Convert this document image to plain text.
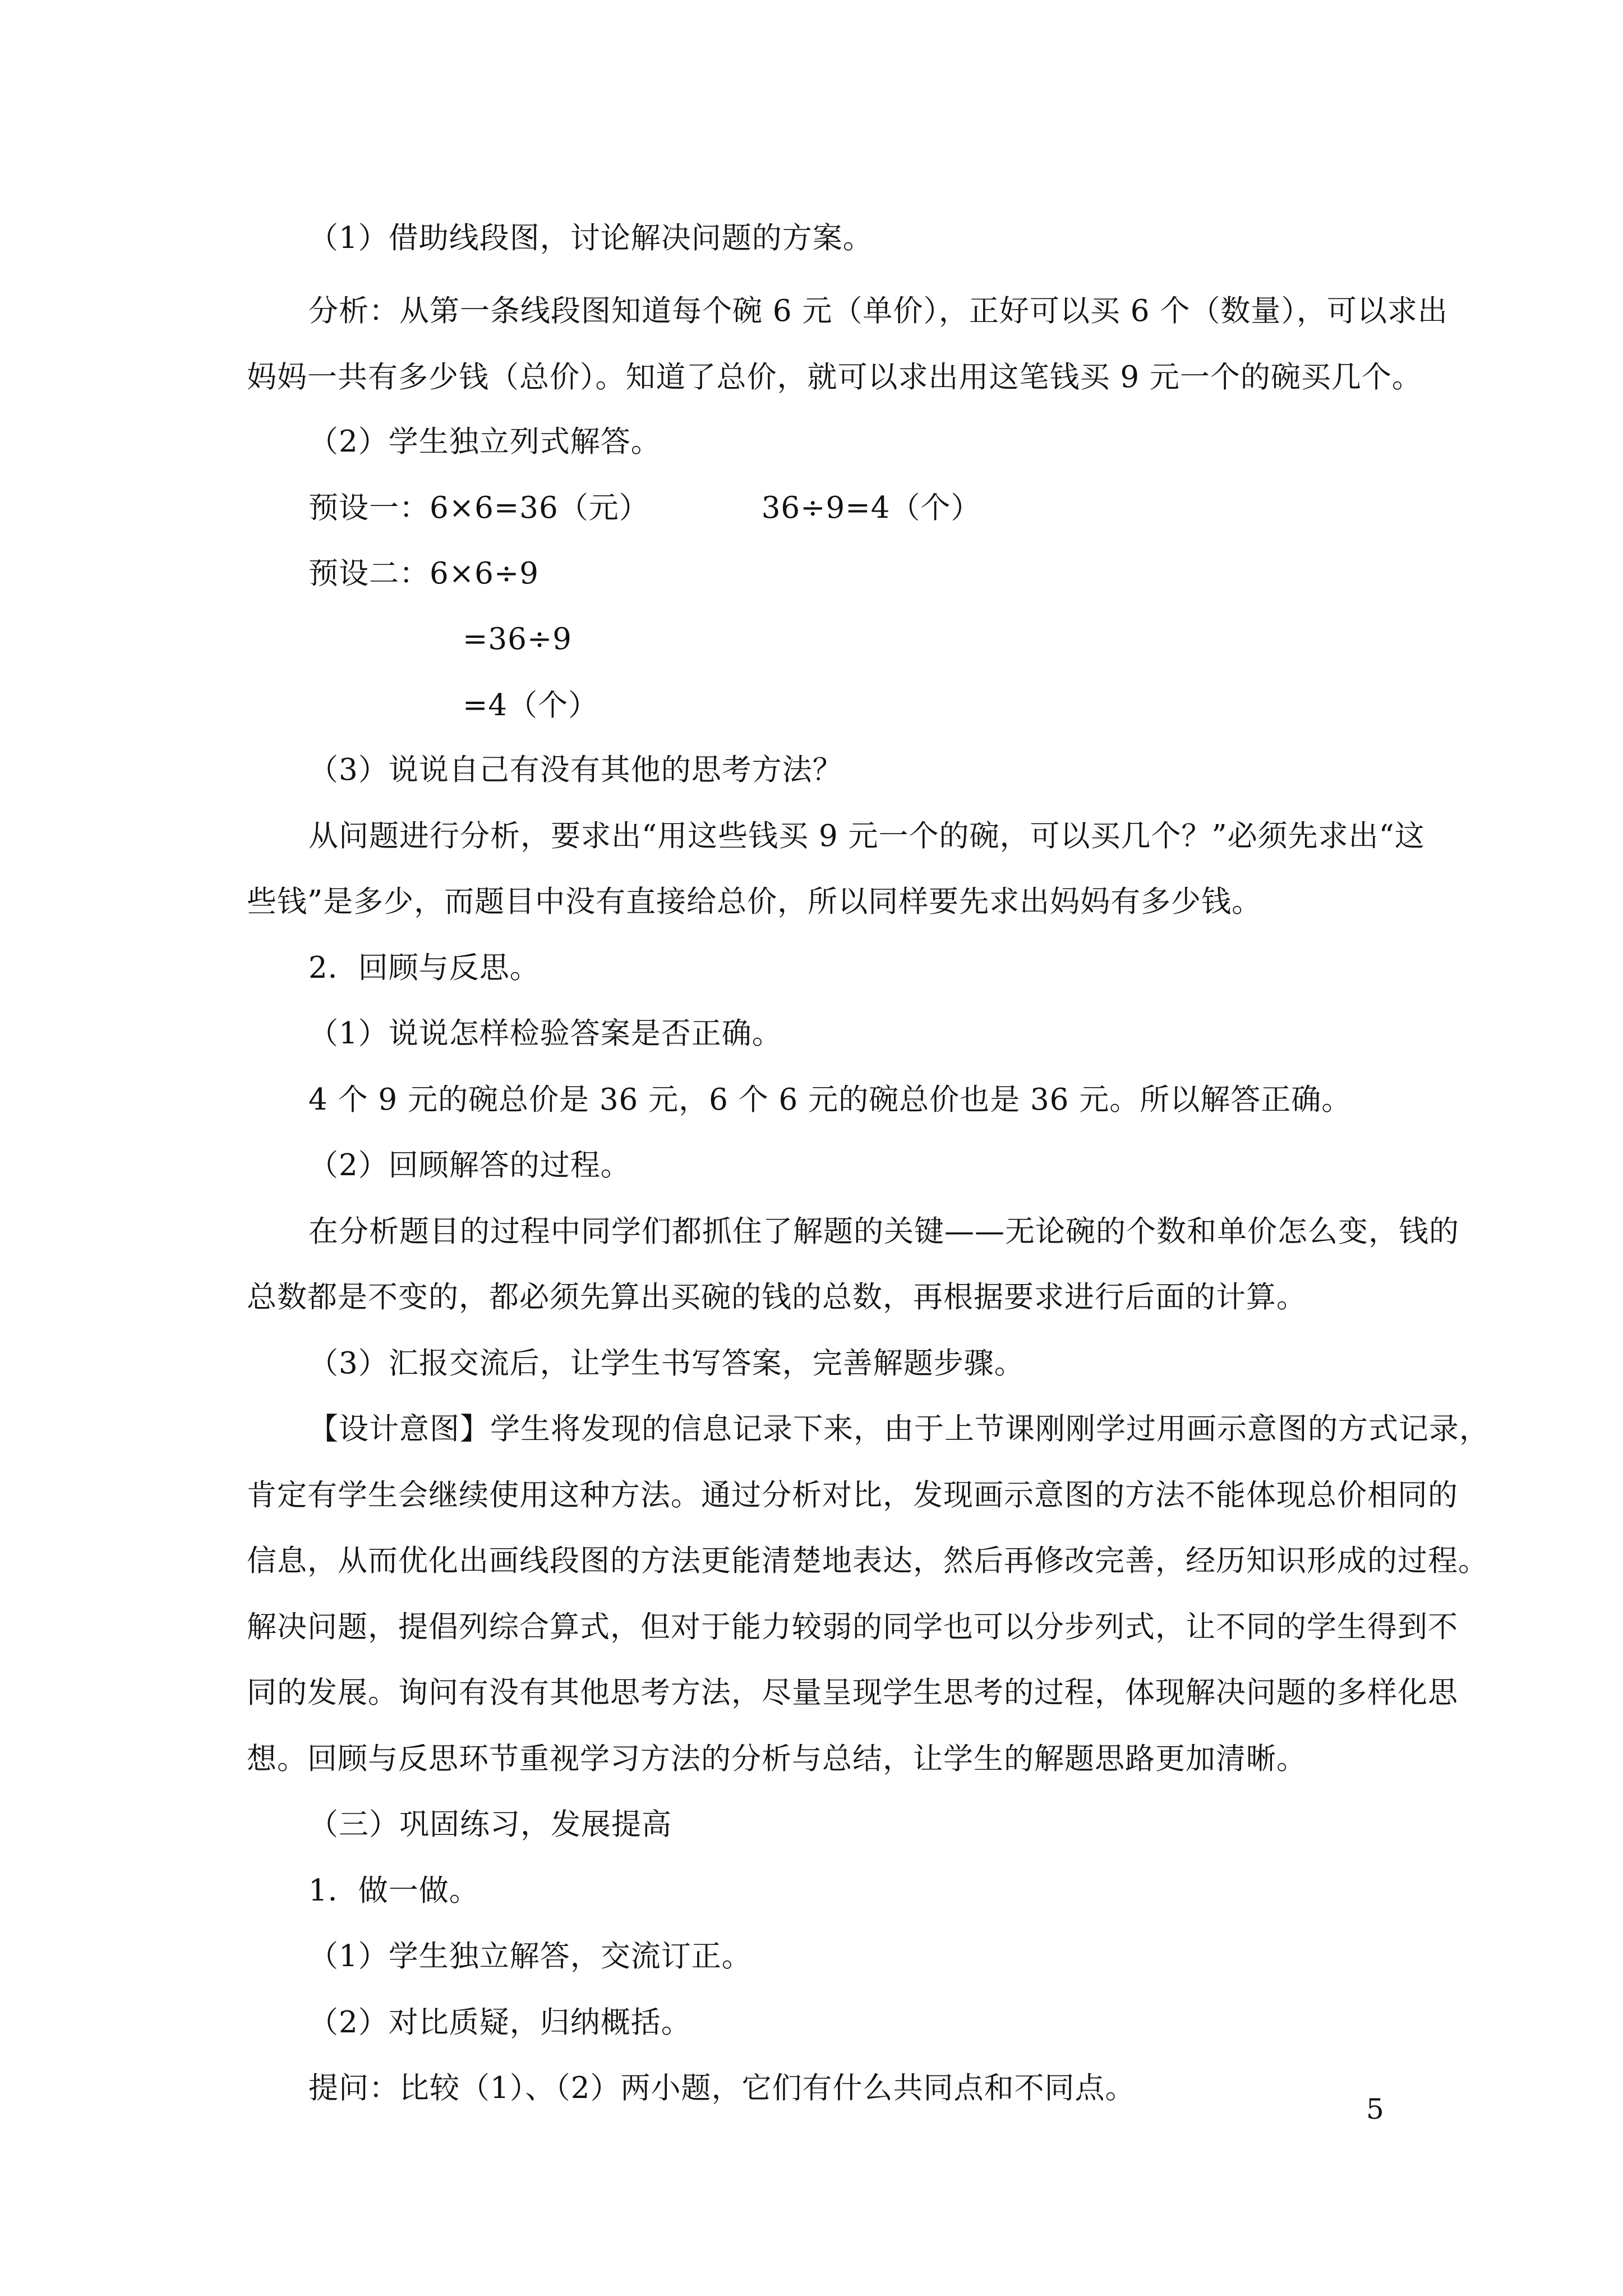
（1）借助线段图，讨论解决问题的方案。
分析：从第一条线段图知道每个碗 6 元（单价），正好可以买 6 个（数量），可以求出
妈妈一共有多少钱（总价）。知道了总价，就可以求出用这笔钱买 9 元一个的碗买几个。
（2）学生独立列式解答。
预设一：6×6=36（元）	36÷9=4（个）
预设二：6×6÷9
=36÷9
=4（个）
（3）说说自己有没有其他的思考方法？
从问题进行分析，要求出“用这些钱买 9 元一个的碗，可以买几个？”必须先求出“这
些钱”是多少，而题目中没有直接给总价，所以同样要先求出妈妈有多少钱。
2．回顾与反思。
（1）说说怎样检验答案是否正确。
4 个 9 元的碗总价是 36 元，6 个 6 元的碗总价也是 36 元。所以解答正确。
（2）回顾解答的过程。
在分析题目的过程中同学们都抓住了解题的关键——无论碗的个数和单价怎么变，钱的
总数都是不变的，都必须先算出买碗的钱的总数，再根据要求进行后面的计算。
（3）汇报交流后，让学生书写答案，完善解题步骤。
【设计意图】学生将发现的信息记录下来，由于上节课刚刚学过用画示意图的方式记录，
肯定有学生会继续使用这种方法。通过分析对比，发现画示意图的方法不能体现总价相同的
信息，从而优化出画线段图的方法更能清楚地表达，然后再修改完善，经历知识形成的过程。
解决问题，提倡列综合算式，但对于能力较弱的同学也可以分步列式，让不同的学生得到不
同的发展。询问有没有其他思考方法，尽量呈现学生思考的过程，体现解决问题的多样化思
想。回顾与反思环节重视学习方法的分析与总结，让学生的解题思路更加清晰。
（三）巩固练习，发展提高
1．做一做。
（1）学生独立解答，交流订正。
（2）对比质疑，归纳概括。
提问：比较（1）、（2）两小题，它们有什么共同点和不同点。
5
